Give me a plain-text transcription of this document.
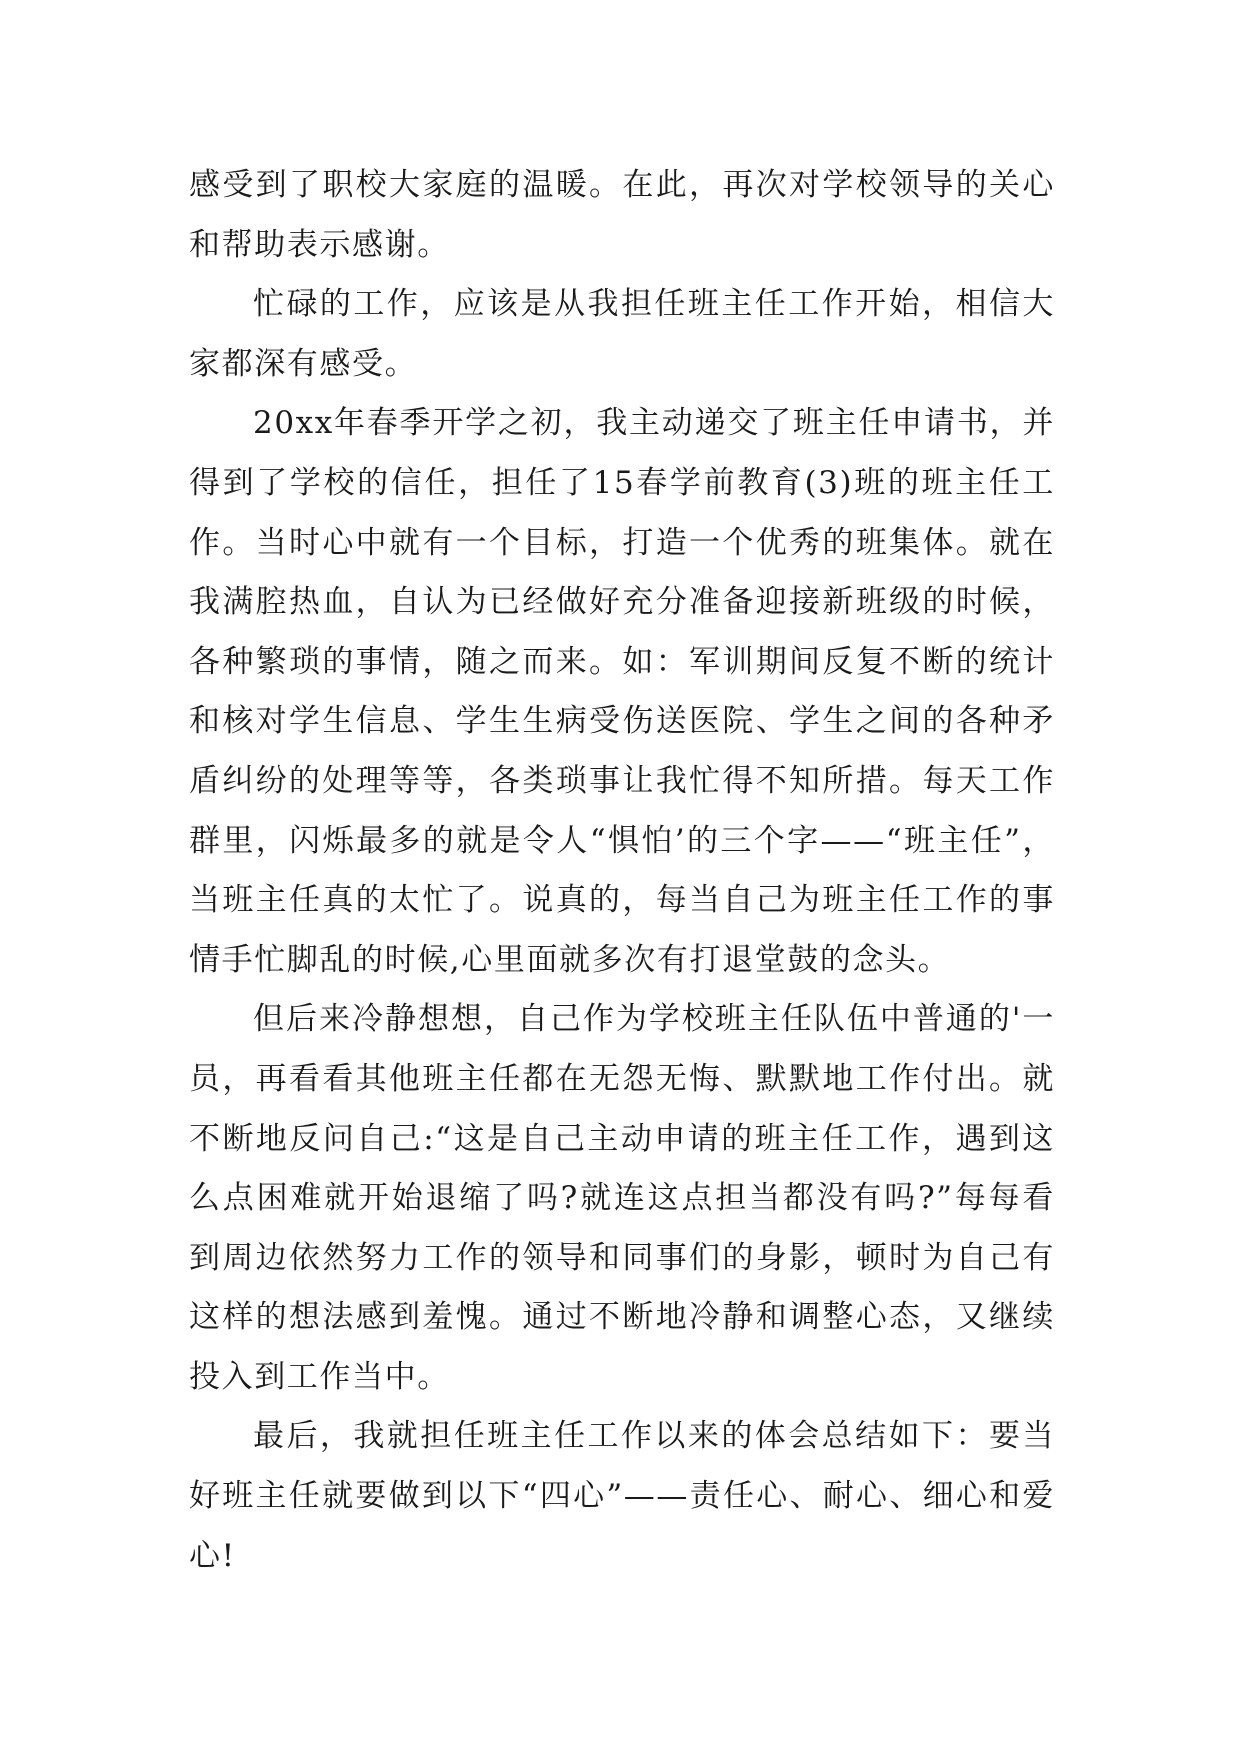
感受到了职校大家庭的温暖。在此，再次对学校领导的关心和帮助表示感谢。

忙碌的工作，应该是从我担任班主任工作开始，相信大家都深有感受。

20xx年春季开学之初，我主动递交了班主任申请书，并得到了学校的信任，担任了15春学前教育(3)班的班主任工作。当时心中就有一个目标，打造一个优秀的班集体。就在我满腔热血，自认为已经做好充分准备迎接新班级的时候，各种繁琐的事情，随之而来。如：军训期间反复不断的统计和核对学生信息、学生生病受伤送医院、学生之间的各种矛盾纠纷的处理等等，各类琐事让我忙得不知所措。每天工作群里，闪烁最多的就是令人“惧怕’的三个字——“班主任”，当班主任真的太忙了。说真的，每当自己为班主任工作的事情手忙脚乱的时候,心里面就多次有打退堂鼓的念头。

但后来冷静想想，自己作为学校班主任队伍中普通的'一员，再看看其他班主任都在无怨无悔、默默地工作付出。就不断地反问自己:“这是自己主动申请的班主任工作，遇到这么点困难就开始退缩了吗?就连这点担当都没有吗?”每每看到周边依然努力工作的领导和同事们的身影，顿时为自己有这样的想法感到羞愧。通过不断地冷静和调整心态，又继续投入到工作当中。

最后，我就担任班主任工作以来的体会总结如下：要当好班主任就要做到以下“四心”——责任心、耐心、细心和爱心!
